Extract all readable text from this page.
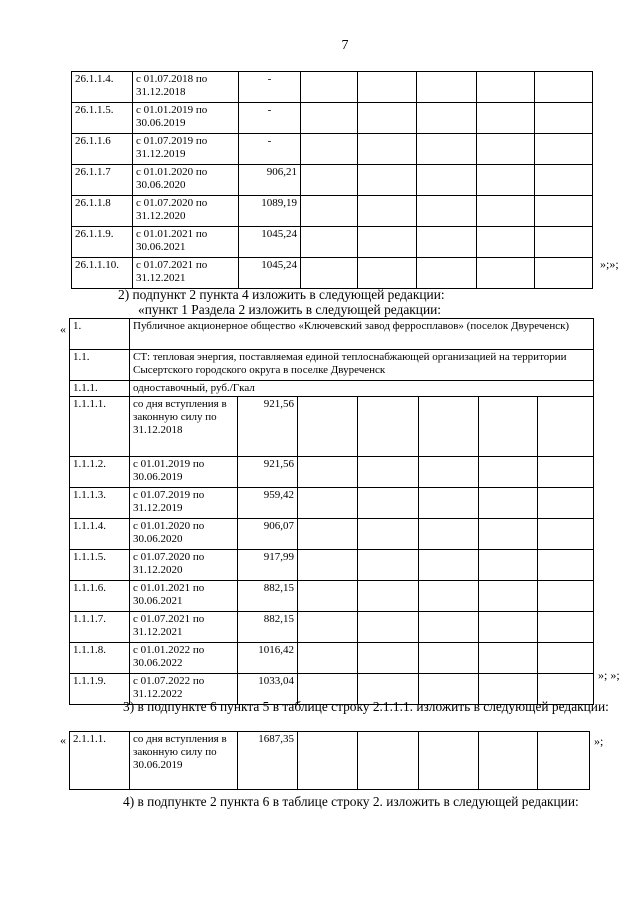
7
26.1.1.4.	с 01.07.2018 по 31.12.2018	-					
26.1.1.5.	с 01.01.2019 по 30.06.2019	-					
26.1.1.6	с 01.07.2019 по 31.12.2019	-					
26.1.1.7	с 01.01.2020 по 30.06.2020	906,21					
26.1.1.8	с 01.07.2020 по 31.12.2020	1089,19					
26.1.1.9.	с 01.01.2021 по 30.06.2021	1045,24					
26.1.1.10.	с 01.07.2021 по 31.12.2021	1045,24						»;»;
2) подпункт 2 пункта 4 изложить в следующей редакции:
«пункт 1 Раздела 2 изложить в следующей редакции:
« 1.	Публичное акционерное общество «Ключевский завод ферросплавов» (поселок Двуреченск)						
1.1.	СТ: тепловая энергия, поставляемая единой теплоснабжающей организацией на территории Сысертского городского округа в поселке Двуреченск						
1.1.1.	одноставочный, руб./Гкал						
1.1.1.1.	со дня вступления в законную силу по 31.12.2018	921,56					
1.1.1.2.	с 01.01.2019 по 30.06.2019	921,56					
1.1.1.3.	с 01.07.2019 по 31.12.2019	959,42					
1.1.1.4.	с 01.01.2020 по 30.06.2020	906,07					
1.1.1.5.	с 01.07.2020 по 31.12.2020	917,99					
1.1.1.6.	с 01.01.2021 по 30.06.2021	882,15					
1.1.1.7.	с 01.07.2021 по 31.12.2021	882,15					
1.1.1.8.	с 01.01.2022 по 30.06.2022	1016,42					
1.1.1.9.	с 01.07.2022 по 31.12.2022	1033,04						»; »;
3) в подпункте 6 пункта 5 в таблице строку 2.1.1.1. изложить в следующей редакции:
« 2.1.1.1.	со дня вступления в законную силу по 30.06.2019	1687,35						»;
4) в подпункте 2 пункта 6 в таблице строку 2. изложить в следующей редакции:
